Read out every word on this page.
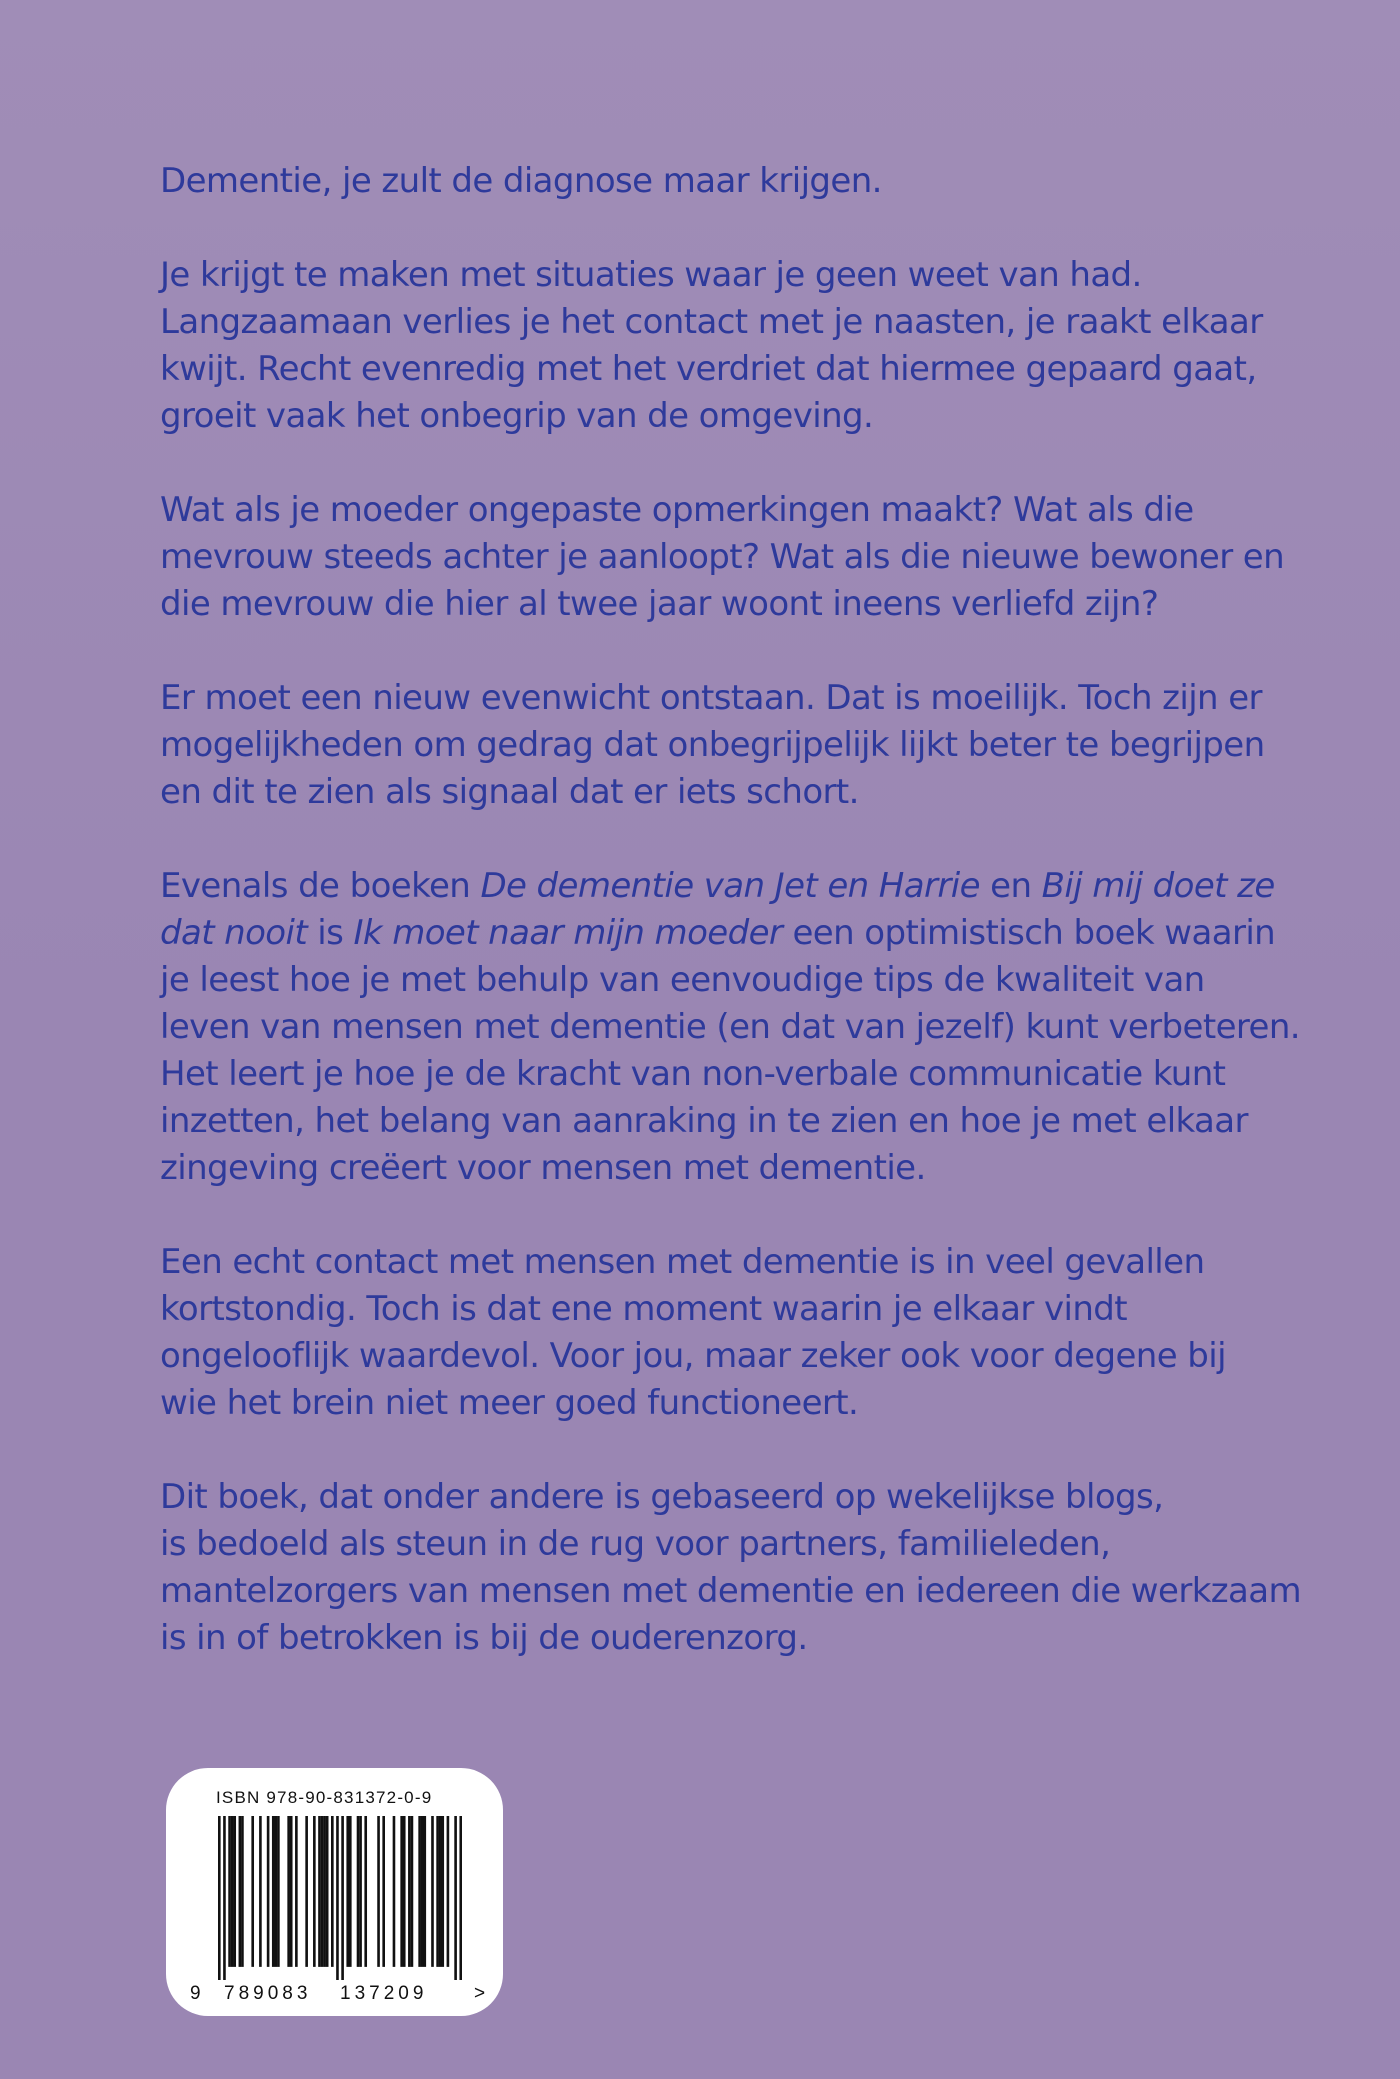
Dementie, je zult de diagnose maar krijgen.

Je krijgt te maken met situaties waar je geen weet van had.
Langzaamaan verlies je het contact met je naasten, je raakt elkaar
kwijt. Recht evenredig met het verdriet dat hiermee gepaard gaat,
groeit vaak het onbegrip van de omgeving.

Wat als je moeder ongepaste opmerkingen maakt? Wat als die
mevrouw steeds achter je aanloopt? Wat als die nieuwe bewoner en
die mevrouw die hier al twee jaar woont ineens verliefd zijn?

Er moet een nieuw evenwicht ontstaan. Dat is moeilijk. Toch zijn er
mogelijkheden om gedrag dat onbegrijpelijk lijkt beter te begrijpen
en dit te zien als signaal dat er iets schort.

Evenals de boeken De dementie van Jet en Harrie en Bij mij doet ze
dat nooit is Ik moet naar mijn moeder een optimistisch boek waarin
je leest hoe je met behulp van eenvoudige tips de kwaliteit van
leven van mensen met dementie (en dat van jezelf) kunt verbeteren.
Het leert je hoe je de kracht van non-verbale communicatie kunt
inzetten, het belang van aanraking in te zien en hoe je met elkaar
zingeving creëert voor mensen met dementie.

Een echt contact met mensen met dementie is in veel gevallen
kortstondig. Toch is dat ene moment waarin je elkaar vindt
ongelooflijk waardevol. Voor jou, maar zeker ook voor degene bij
wie het brein niet meer goed functioneert.

Dit boek, dat onder andere is gebaseerd op wekelijkse blogs,
is bedoeld als steun in de rug voor partners, familieleden,
mantelzorgers van mensen met dementie en iedereen die werkzaam
is in of betrokken is bij de ouderenzorg.

ISBN 978-90-831372-0-9
9 789083 137209 >
